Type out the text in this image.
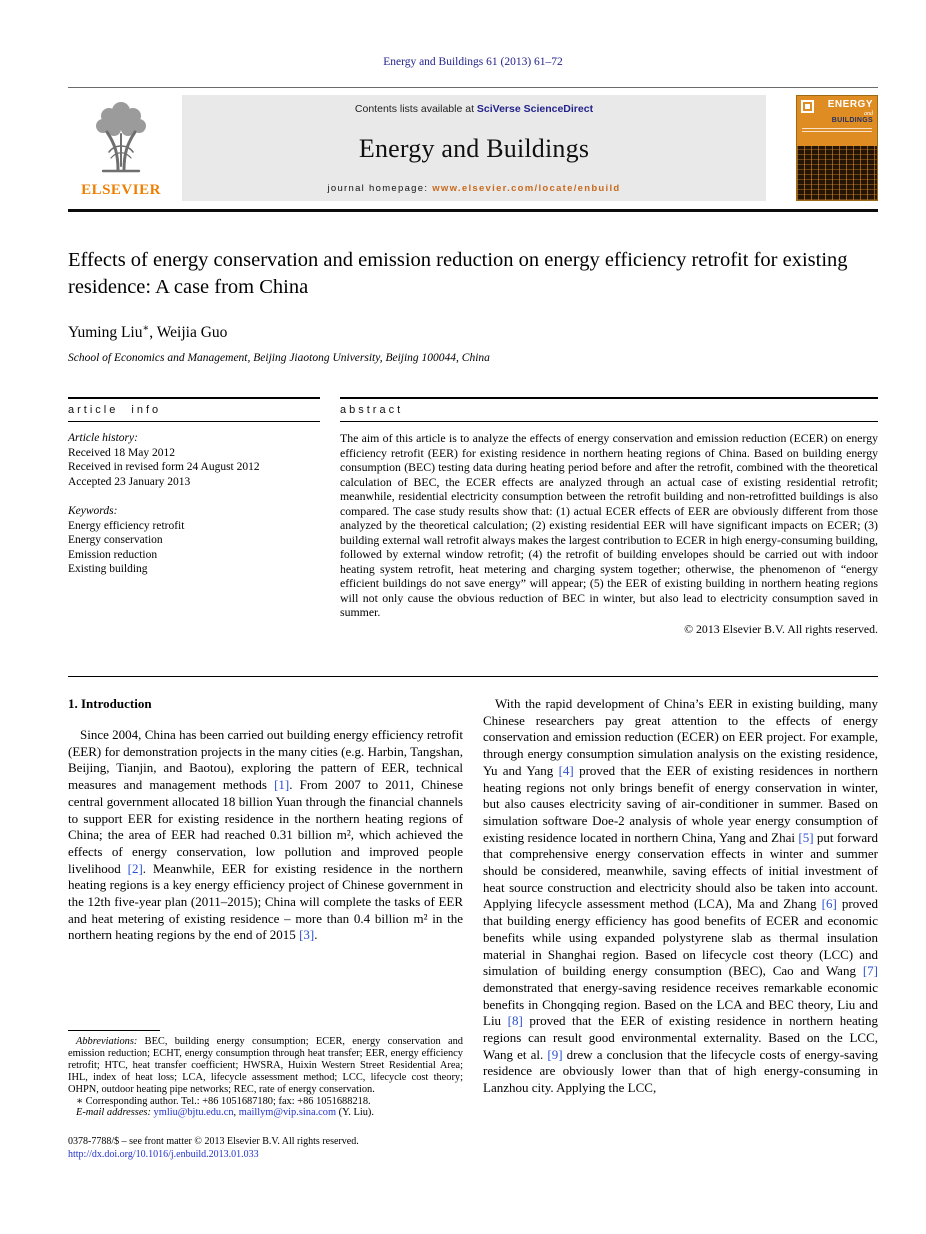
Energy and Buildings 61 (2013) 61–72
ELSEVIER
Contents lists available at SciVerse ScienceDirect
Energy and Buildings
journal homepage: www.elsevier.com/locate/enbuild
ENERGY
and
BUILDINGS
Effects of energy conservation and emission reduction on energy efficiency retrofit for existing residence: A case from China
Yuming Liu∗, Weijia Guo
School of Economics and Management, Beijing Jiaotong University, Beijing 100044, China
article info
Article history:
Received 18 May 2012
Received in revised form 24 August 2012
Accepted 23 January 2013
Keywords:
Energy efficiency retrofit
Energy conservation
Emission reduction
Existing building
abstract
The aim of this article is to analyze the effects of energy conservation and emission reduction (ECER) on energy efficiency retrofit (EER) for existing residence in northern heating regions of China. Based on building energy consumption (BEC) testing data during heating period before and after the retrofit, combined with the theoretical calculation of BEC, the ECER effects are analyzed through an actual case of existing residential retrofit; meanwhile, residential electricity consumption between the retrofit building and non-retrofitted buildings is also compared. The case study results show that: (1) actual ECER effects of EER are obviously different from those analyzed by the theoretical calculation; (2) existing residential EER will have significant impacts on ECER; (3) building external wall retrofit always makes the largest contribution to ECER in high energy-consuming building, followed by external window retrofit; (4) the retrofit of building envelopes should be carried out with indoor heating system retrofit, heat metering and charging system together; otherwise, the phenomenon of “energy efficient buildings do not save energy” will appear; (5) the EER of existing building in northern heating regions will not only cause the obvious reduction of BEC in winter, but also lead to electricity consumption saved in summer.
© 2013 Elsevier B.V. All rights reserved.
1. Introduction

Since 2004, China has been carried out building energy efficiency retrofit (EER) for demonstration projects in the many cities (e.g. Harbin, Tangshan, Beijing, Tianjin, and Baotou), exploring the pattern of EER, technical measures and management methods [1]. From 2007 to 2011, Chinese central government allocated 18 billion Yuan through the financial channels to support EER for existing residence in the northern heating regions of China; the area of EER had reached 0.31 billion m², which achieved the effects of energy conservation, low pollution and improved people livelihood [2]. Meanwhile, EER for existing residence in the northern heating regions is a key energy efficiency project of Chinese government in the 12th five-year plan (2011–2015); China will complete the tasks of EER and heat metering of existing residence – more than 0.4 billion m² in the northern heating regions by the end of 2015 [3].

With the rapid development of China’s EER in existing building, many Chinese researchers pay great attention to the effects of energy conservation and emission reduction (ECER) on EER project. For example, through energy consumption simulation analysis on the existing residence, Yu and Yang [4] proved that the EER of existing residences in northern heating regions not only brings benefit of energy conservation in winter, but also causes electricity saving of air-conditioner in summer. Based on simulation software Doe-2 analysis of whole year energy consumption of existing residence located in northern China, Yang and Zhai [5] put forward that comprehensive energy conservation effects in winter and summer should be considered, meanwhile, saving effects of initial investment of heat source construction and electricity should also be taken into account. Applying lifecycle assessment method (LCA), Ma and Zhang [6] proved that building energy efficiency has good benefits of ECER and economic benefits while using expanded polystyrene slab as thermal insulation material in Shanghai region. Based on lifecycle cost theory (LCC) and simulation of building energy consumption (BEC), Cao and Wang [7] demonstrated that energy-saving residence receives remarkable economic benefits in Chongqing region. Based on the LCA and BEC theory, Liu and Liu [8] proved that the EER of existing residence in northern heating regions can result good environmental externality. Based on the LCC, Wang et al. [9] drew a conclusion that the lifecycle costs of energy-saving residence are obviously lower than that of high energy-consuming in Lanzhou city. Applying the LCC,

Abbreviations: BEC, building energy consumption; ECER, energy conservation and emission reduction; ECHT, energy consumption through heat transfer; EER, energy efficiency retrofit; HTC, heat transfer coefficient; HWSRA, Huixin Western Street Residential Area; IHL, index of heat loss; LCA, lifecycle assessment method; LCC, lifecycle cost theory; OHPN, outdoor heating pipe networks; REC, rate of energy conservation.

∗ Corresponding author. Tel.: +86 1051687180; fax: +86 1051688218.
E-mail addresses: ymliu@bjtu.edu.cn, maillym@vip.sina.com (Y. Liu).
0378-7788/$ – see front matter © 2013 Elsevier B.V. All rights reserved.
http://dx.doi.org/10.1016/j.enbuild.2013.01.033
